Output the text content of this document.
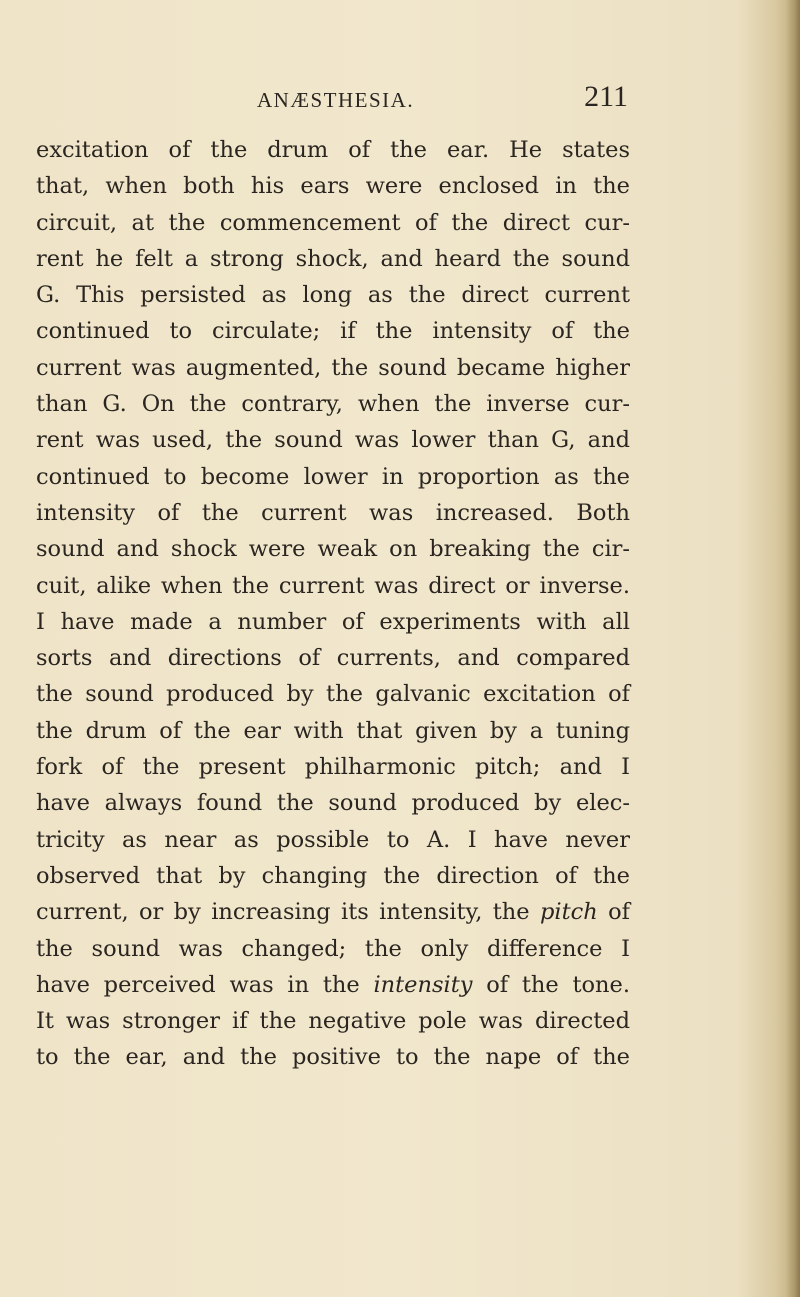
ANÆSTHESIA.	211
excitation of the drum of the ear. He states
that, when both his ears were enclosed in the
circuit, at the commencement of the direct cur-
rent he felt a strong shock, and heard the sound
G. This persisted as long as the direct current
continued to circulate; if the intensity of the
current was augmented, the sound became higher
than G. On the contrary, when the inverse cur-
rent was used, the sound was lower than G, and
continued to become lower in proportion as the
intensity of the current was increased. Both
sound and shock were weak on breaking the cir-
cuit, alike when the current was direct or inverse.
I have made a number of experiments with all
sorts and directions of currents, and compared
the sound produced by the galvanic excitation of
the drum of the ear with that given by a tuning
fork of the present philharmonic pitch; and I
have always found the sound produced by elec-
tricity as near as possible to A. I have never
observed that by changing the direction of the
current, or by increasing its intensity, the pitch of
the sound was changed; the only difference I
have perceived was in the intensity of the tone.
It was stronger if the negative pole was directed
to the ear, and the positive to the nape of the
